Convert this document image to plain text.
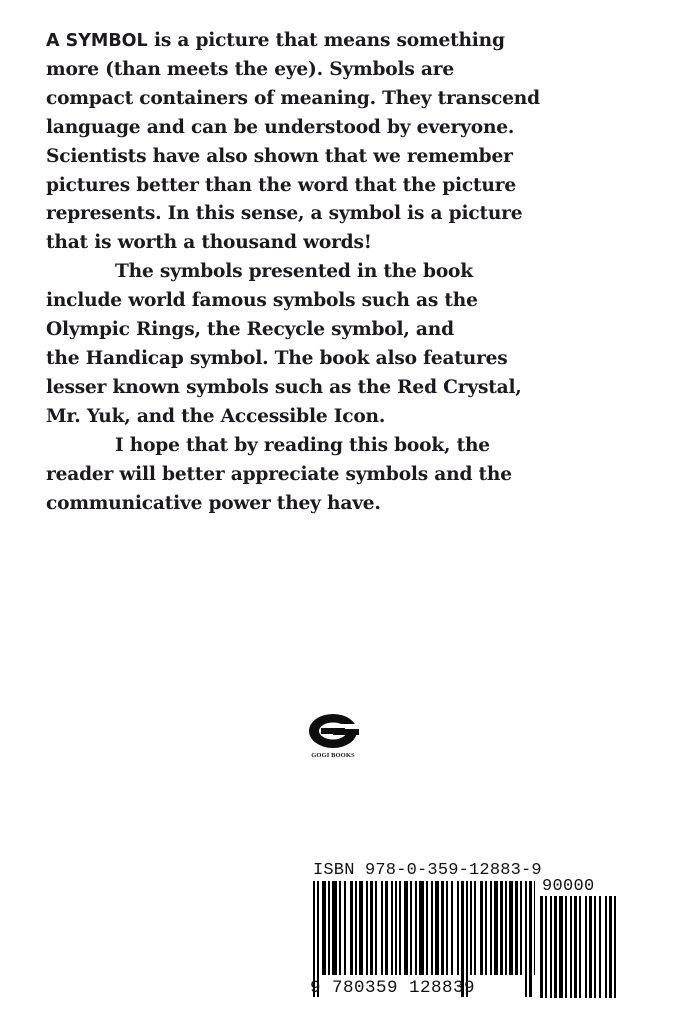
A SYMBOL is a picture that means something
more (than meets the eye). Symbols are
compact containers of meaning. They transcend
language and can be understood by everyone.
Scientists have also shown that we remember
pictures better than the word that the picture
represents. In this sense, a symbol is a picture
that is worth a thousand words!
The symbols presented in the book
include world famous symbols such as the
Olympic Rings, the Recycle symbol, and
the Handicap symbol. The book also features
lesser known symbols such as the Red Crystal,
Mr. Yuk, and the Accessible Icon.
I hope that by reading this book, the
reader will better appreciate symbols and the
communicative power they have.
GOGI BOOKS
ISBN 978-0-359-12883-9
90000
9 780359 128839
